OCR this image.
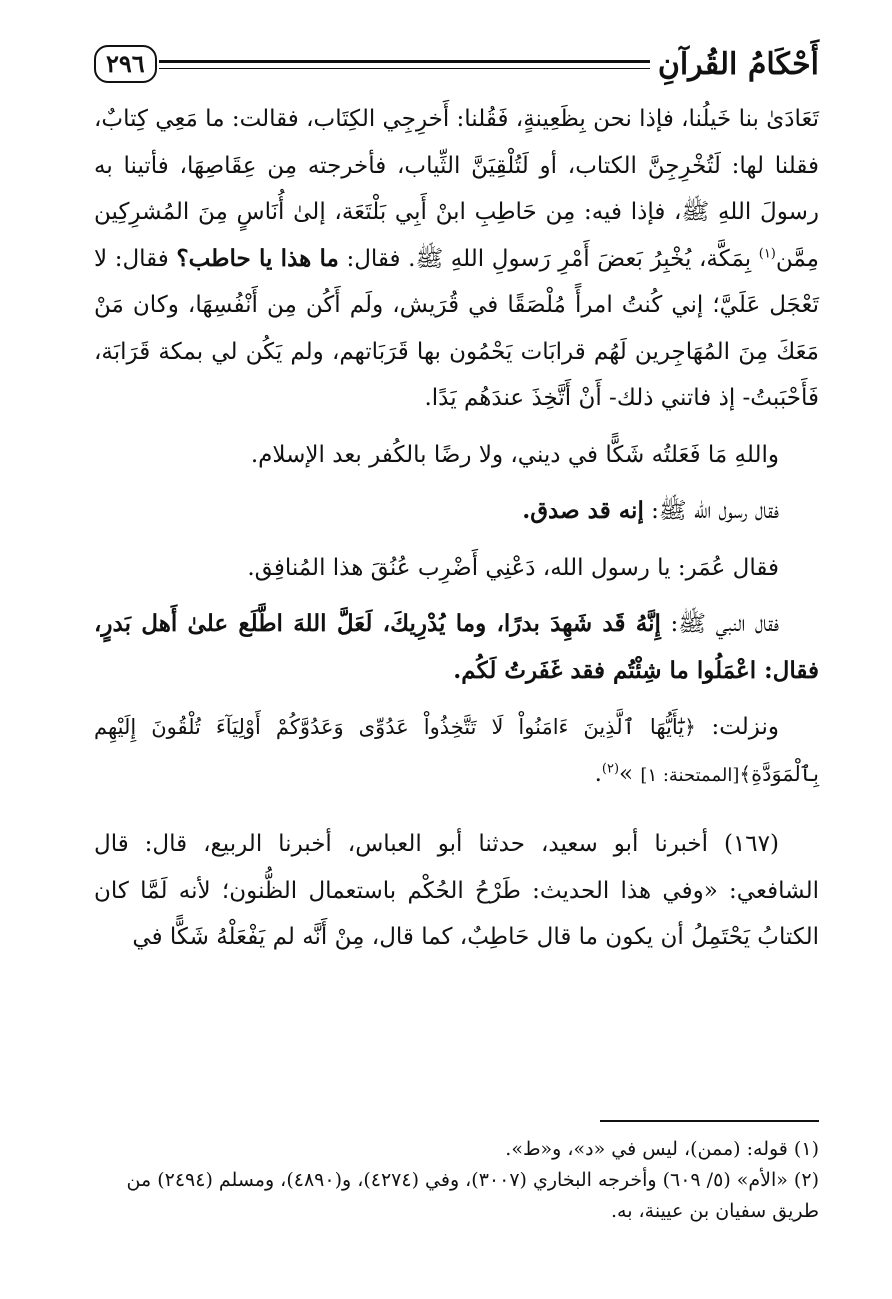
أَحْكَامُ القُرآنِ
٢٩٦

تَعَادَىٰ بنا خَيلُنا، فإذا نحن بِظَعِينةٍ، فَقُلنا: أَخرِجِي الكِتَاب، فقالت: ما مَعِي كِتابٌ، فقلنا لها: لَتُخْرِجِنَّ الكتاب، أو لَتُلْقِيَنَّ الثِّياب، فأخرجته مِن عِقَاصِهَا، فأتينا به رسولَ اللهِ ﷺ، فإذا فيه: مِن حَاطِبِ ابنْ أَبِي بَلْتَعَة، إلىٰ أُنَاسٍ مِنَ المُشرِكِين مِمَّن$^{(١)}$ بِمَكَّة، يُخْبِرُ بَعضَ أَمْرِ رَسولِ اللهِ ﷺ. فقال: ما هذا يا حاطب؟ فقال: لا تَعْجَل عَلَيَّ؛ إني كُنتُ امرأً مُلْصَقًا في قُرَيش، ولَم أَكُن مِن أَنْفُسِهَا، وكان مَنْ مَعَكَ مِنَ المُهَاجِرين لَهُم قرابَات يَحْمُون بها قَرَبَاتهم، ولم يَكُن لي بمكة قَرَابَة، فَأَحْبَبتُ- إذ فاتني ذلك- أَنْ أَتَّخِذَ عندَهُم يَدًا.

واللهِ مَا فَعَلتُه شَكًّا في ديني، ولا رضًا بالكُفر بعد الإسلام.

فقال رسول الله ﷺ: إنه قد صدق.

فقال عُمَر: يا رسول الله، دَعْنِي أَضْرِب عُنُقَ هذا المُنافِق.

فقال النبي ﷺ: إِنَّهُ قَد شَهِدَ بدرًا، وما يُدْرِيكَ، لَعَلَّ اللهَ اطَّلَع علىٰ أَهل بَدرٍ، فقال: اعْمَلُوا ما شِئْتُم فقد غَفَرتُ لَكُم.

ونزلت: ﴿يَٰٓأَيُّهَا ٱلَّذِينَ ءَامَنُواْ لَا تَتَّخِذُواْ عَدُوِّى وَعَدُوَّكُمْ أَوْلِيَآءَ تُلْقُونَ إِلَيْهِم بِٱلْمَوَدَّةِ﴾[الممتحنة: ١] »$^{(٢)}$.

(١٦٧) أخبرنا أبو سعيد، حدثنا أبو العباس، أخبرنا الربيع، قال: قال الشافعي: «وفي هذا الحديث: طَرْحُ الحُكْم باستعمال الظُّنون؛ لأنه لَمَّا كان الكتابُ يَحْتَمِلُ أن يكون ما قال حَاطِبٌ، كما قال، مِنْ أَنَّه لم يَفْعَلْهُ شَكًّا في

(١) قوله: (ممن)، ليس في «د»، و«ط».

(٢) «الأم» (٥/ ٦٠٩) وأخرجه البخاري (٣٠٠٧)، وفي (٤٢٧٤)، و(٤٨٩٠)، ومسلم (٢٤٩٤) من طريق سفيان بن عيينة، به.
